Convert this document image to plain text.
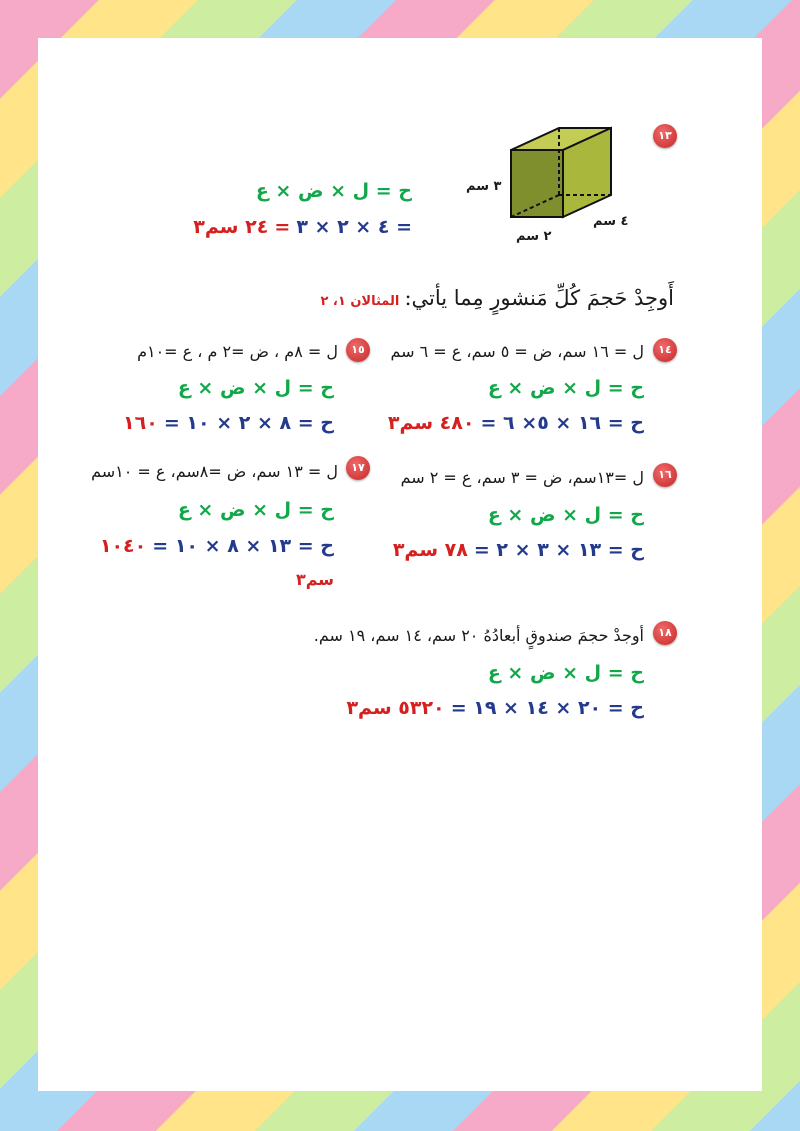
١٣
٣ سم
٤ سم
٢ سم
ح = ل × ض × ع
= ٤ × ٢ × ٣ = ٢٤ سم٣
أَوجِدْ حَجمَ كُلِّ مَنشورٍ مِما يأتي: المثالان ١، ٢
١٤
ل = ١٦ سم، ض = ٥ سم، ع = ٦ سم
ح = ل × ض × ع
ح = ١٦ × ٥× ٦ = ٤٨٠ سم٣
١٥
ل = ٨م ، ض =٢ م ، ع =١٠م
ح = ل × ض × ع
ح = ٨ × ٢ × ١٠ = ١٦٠
١٦
ل =١٣سم، ض = ٣ سم، ع = ٢ سم
ح = ل × ض × ع
ح = ١٣ × ٣ × ٢ = ٧٨ سم٣
١٧
ل = ١٣ سم، ض =٨سم، ع = ١٠سم
ح = ل × ض × ع
ح = ١٣ × ٨ × ١٠ = ١٠٤٠
سم٣
١٨
أوجدْ حجمَ صندوقٍ أبعادُهُ ٢٠ سم، ١٤ سم، ١٩ سم.
ح = ل × ض × ع
ح = ٢٠ × ١٤ × ١٩ = ٥٣٢٠ سم٣
